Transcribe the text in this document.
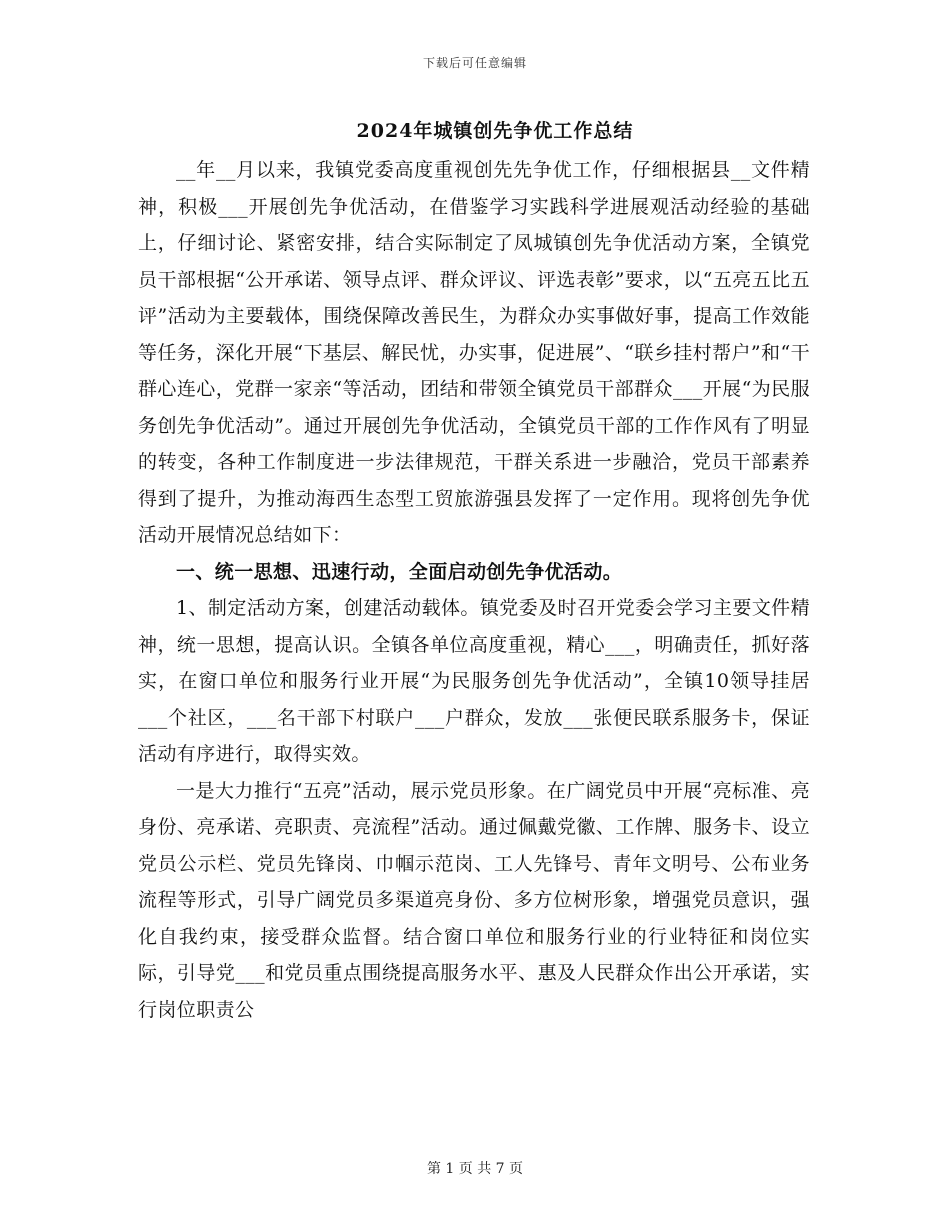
下载后可任意编辑
2024年城镇创先争优工作总结

__年__月以来，我镇党委高度重视创先先争优工作，仔细根据县__文件精神，积极___开展创先争优活动，在借鉴学习实践科学进展观活动经验的基础上，仔细讨论、紧密安排，结合实际制定了凤城镇创先争优活动方案，全镇党员干部根据“公开承诺、领导点评、群众评议、评选表彰”要求，以“五亮五比五评”活动为主要载体，围绕保障改善民生，为群众办实事做好事，提高工作效能等任务，深化开展“下基层、解民忧，办实事，促进展”、“联乡挂村帮户”和“干群心连心，党群一家亲“等活动，团结和带领全镇党员干部群众___开展“为民服务创先争优活动”。通过开展创先争优活动，全镇党员干部的工作作风有了明显的转变，各种工作制度进一步法律规范，干群关系进一步融洽，党员干部素养得到了提升，为推动海西生态型工贸旅游强县发挥了一定作用。现将创先争优活动开展情况总结如下：

一、统一思想、迅速行动，全面启动创先争优活动。

1、制定活动方案，创建活动载体。镇党委及时召开党委会学习主要文件精神，统一思想，提高认识。全镇各单位高度重视，精心___，明确责任，抓好落实，在窗口单位和服务行业开展“为民服务创先争优活动”，全镇10领导挂居___个社区，___名干部下村联户___户群众，发放___张便民联系服务卡，保证活动有序进行，取得实效。

一是大力推行“五亮”活动，展示党员形象。在广阔党员中开展“亮标准、亮身份、亮承诺、亮职责、亮流程”活动。通过佩戴党徽、工作牌、服务卡、设立党员公示栏、党员先锋岗、巾帼示范岗、工人先锋号、青年文明号、公布业务流程等形式，引导广阔党员多渠道亮身份、多方位树形象，增强党员意识，强化自我约束，接受群众监督。结合窗口单位和服务行业的行业特征和岗位实际，引导党___和党员重点围绕提高服务水平、惠及人民群众作出公开承诺，实行岗位职责公

第 1 页 共 7 页
